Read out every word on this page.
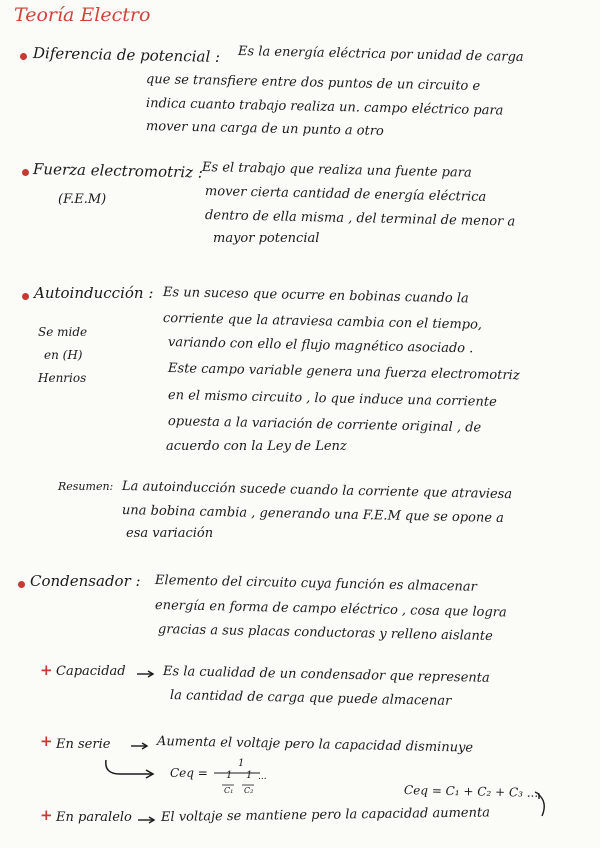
Teoría Electro
Diferencia de potencial : Es la energía eléctrica por unidad de carga
que se transfiere entre dos puntos de un circuito e
indica cuanto trabajo realiza un. campo eléctrico para
mover una carga de un punto a otro
Fuerza electromotriz :
(F.E.M)
Es el trabajo que realiza una fuente para
mover cierta cantidad de energía eléctrica
dentro de ella misma , del terminal de menor a
mayor potencial
Autoinducción :
Se mide
en (H)
Henrios
Es un suceso que ocurre en bobinas cuando la
corriente que la atraviesa cambia con el tiempo,
variando con ello el flujo magnético asociado .
Este campo variable genera una fuerza electromotriz
en el mismo circuito , lo que induce una corriente
opuesta a la variación de corriente original , de
acuerdo con la Ley de Lenz
Resumen: La autoinducción sucede cuando la corriente que atraviesa
una bobina cambia , generando una F.E.M que se opone a
esa variación
Condensador : Elemento del circuito cuya función es almacenar
energía en forma de campo eléctrico , cosa que logra
gracias a sus placas conductoras y relleno aislante
+ Capacidad	Es la cualidad de un condensador que representa
la cantidad de carga que puede almacenar
+ En serie	Aumenta el voltaje pero la capacidad disminuye
Ceq =
1
1 1
C₁ C₂
...
Ceq = C₁ + C₂ + C₃ ...
+ En paralelo El voltaje se mantiene pero la capacidad aumenta
